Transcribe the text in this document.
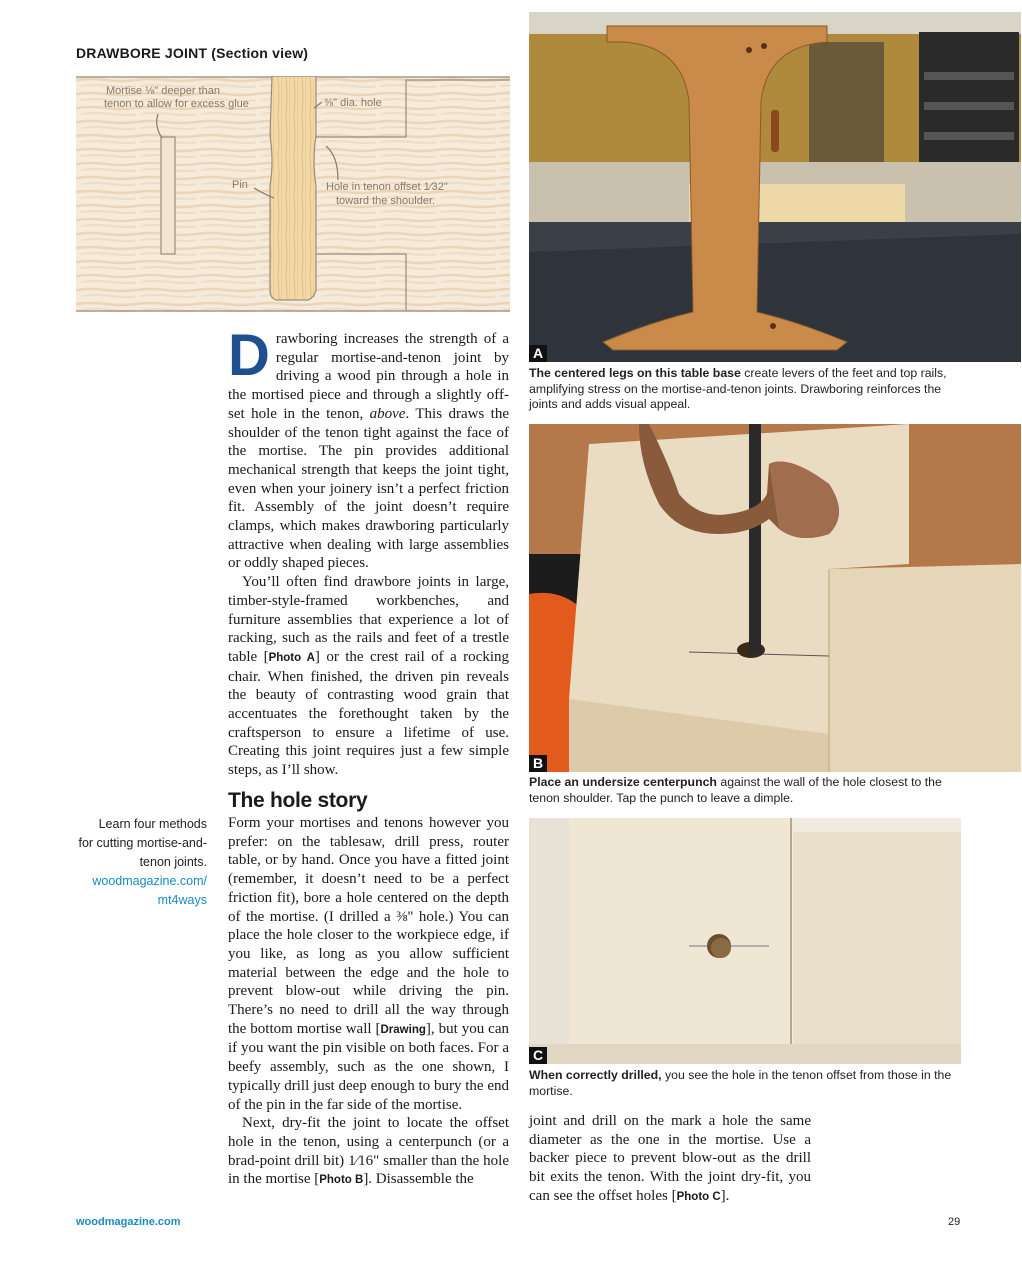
DRAWBORE JOINT (Section view)
Mortise ⅛" deeper than
tenon to allow for excess glue	⅜" dia. hole
Pin	Hole in tenon offset 1⁄32"
toward the shoulder.

Drawboring increases the strength of a regular mortise-and-tenon joint by driving a wood pin through a hole in the mortised piece and through a slightly off-set hole in the tenon, above. This draws the shoulder of the tenon tight against the face of the mortise. The pin provides additional mechanical strength that keeps the joint tight, even when your joinery isn’t a perfect friction fit. Assembly of the joint doesn’t require clamps, which makes drawboring particularly attractive when dealing with large assemblies or oddly shaped pieces.

You’ll often find drawbore joints in large, timber-style-framed workbenches, and furniture assemblies that experience a lot of racking, such as the rails and feet of a trestle table [Photo A] or the crest rail of a rocking chair. When finished, the driven pin reveals the beauty of contrasting wood grain that accentuates the forethought taken by the craftsperson to ensure a lifetime of use. Creating this joint requires just a few simple steps, as I’ll show.

The hole story

Form your mortises and tenons however you prefer: on the tablesaw, drill press, router table, or by hand. Once you have a fitted joint (remember, it doesn’t need to be a perfect friction fit), bore a hole centered on the depth of the mortise. (I drilled a ⅜" hole.) You can place the hole closer to the workpiece edge, if you like, as long as you allow sufficient material between the edge and the hole to prevent blow-out while driving the pin. There’s no need to drill all the way through the bottom mortise wall [Drawing], but you can if you want the pin visible on both faces. For a beefy assembly, such as the one shown, I typically drill just deep enough to bury the end of the pin in the far side of the mortise.

Next, dry-fit the joint to locate the offset hole in the tenon, using a centerpunch (or a brad-point drill bit) 1⁄16" smaller than the hole in the mortise [Photo B]. Disassemble the

Learn four methods
for cutting mortise-and-
tenon joints.
woodmagazine.com/
mt4ways
A
The centered legs on this table base create levers of the feet and top rails, amplifying stress on the mortise-and-tenon joints. Drawboring reinforces the joints and adds visual appeal.
B
Place an undersize centerpunch against the wall of the hole closest to the tenon shoulder. Tap the punch to leave a dimple.
C
When correctly drilled, you see the hole in the tenon offset from those in the mortise.

joint and drill on the mark a hole the same diameter as the one in the mortise. Use a backer piece to prevent blow-out as the drill bit exits the tenon. With the joint dry-fit, you can see the offset holes [Photo C].

woodmagazine.com	29
